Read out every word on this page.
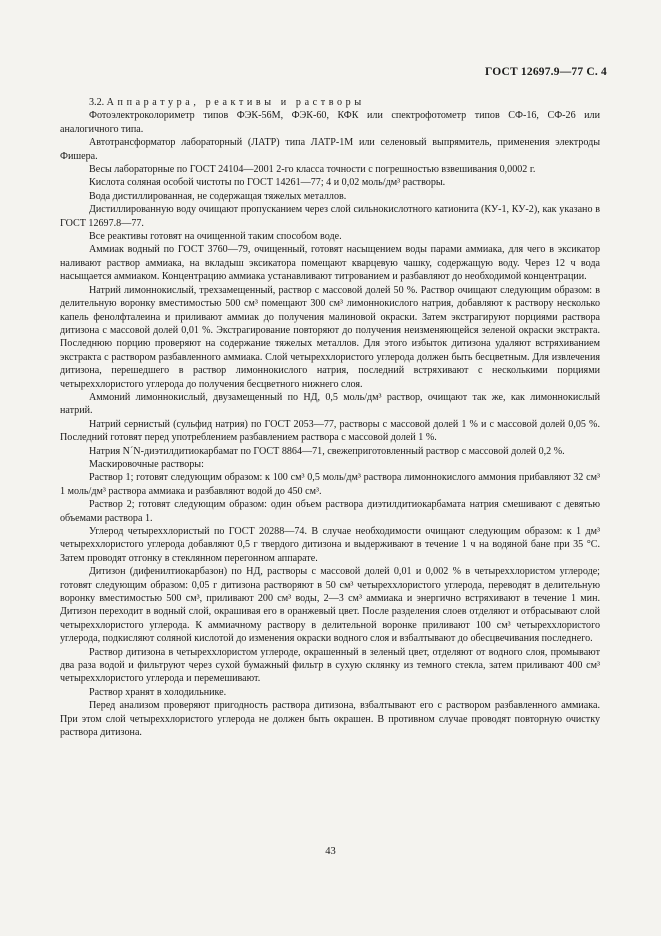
ГОСТ 12697.9—77 С. 4

3.2. Аппаратура, реактивы и растворы

Фотоэлектроколориметр типов ФЭК-56М, ФЭК-60, КФК или спектрофотометр типов СФ-16, СФ-26 или аналогичного типа.

Автотрансформатор лабораторный (ЛАТР) типа ЛАТР-1М или селеновый выпрямитель, применения электроды Фишера.

Весы лабораторные по ГОСТ 24104—2001 2-го класса точности с погрешностью взвешивания 0,0002 г.

Кислота соляная особой чистоты по ГОСТ 14261—77; 4 и 0,02 моль/дм³ растворы.

Вода дистиллированная, не содержащая тяжелых металлов.

Дистиллированную воду очищают пропусканием через слой сильнокислотного катионита (КУ-1, КУ-2), как указано в ГОСТ 12697.8—77.

Все реактивы готовят на очищенной таким способом воде.

Аммиак водный по ГОСТ 3760—79, очищенный, готовят насыщением воды парами аммиака, для чего в эксикатор наливают раствор аммиака, на вкладыш эксикатора помещают кварцевую чашку, содержащую воду. Через 12 ч вода насыщается аммиаком. Концентрацию аммиака устанавливают титрованием и разбавляют до необходимой концентрации.

Натрий лимоннокислый, трехзамещенный, раствор с массовой долей 50 %. Раствор очищают следующим образом: в делительную воронку вместимостью 500 см³ помещают 300 см³ лимоннокислого натрия, добавляют к раствору несколько капель фенолфталеина и приливают аммиак до получения малиновой окраски. Затем экстрагируют порциями раствора дитизона с массовой долей 0,01 %. Экстрагирование повторяют до получения неизменяющейся зеленой окраски экстракта. Последнюю порцию проверяют на содержание тяжелых металлов. Для этого избыток дитизона удаляют встряхиванием экстракта с раствором разбавленного аммиака. Слой четыреххлористого углерода должен быть бесцветным. Для извлечения дитизона, перешедшего в раствор лимоннокислого натрия, последний встряхивают с несколькими порциями четыреххлористого углерода до получения бесцветного нижнего слоя.

Аммоний лимоннокислый, двузамещенный по НД, 0,5 моль/дм³ раствор, очищают так же, как лимоннокислый натрий.

Натрий сернистый (сульфид натрия) по ГОСТ 2053—77, растворы с массовой долей 1 % и с массовой долей 0,05 %. Последний готовят перед употреблением разбавлением раствора с массовой долей 1 %.

Натрия N´N-диэтилдитиокарбамат по ГОСТ 8864—71, свежеприготовленный раствор с массовой долей 0,2 %.

Маскировочные растворы:

Раствор 1; готовят следующим образом: к 100 см³ 0,5 моль/дм³ раствора лимоннокислого аммония прибавляют 32 см³ 1 моль/дм³ раствора аммиака и разбавляют водой до 450 см³.

Раствор 2; готовят следующим образом: один объем раствора диэтилдитиокарбамата натрия смешивают с девятью объемами раствора 1.

Углерод четыреххлористый по ГОСТ 20288—74. В случае необходимости очищают следующим образом: к 1 дм³ четыреххлористого углерода добавляют 0,5 г твердого дитизона и выдерживают в течение 1 ч на водяной бане при 35 °С. Затем проводят отгонку в стеклянном перегонном аппарате.

Дитизон (дифенилтиокарбазон) по НД, растворы с массовой долей 0,01 и 0,002 % в четыреххлористом углероде; готовят следующим образом: 0,05 г дитизона растворяют в 50 см³ четыреххлористого углерода, переводят в делительную воронку вместимостью 500 см³, приливают 200 см³ воды, 2—3 см³ аммиака и энергично встряхивают в течение 1 мин. Дитизон переходит в водный слой, окрашивая его в оранжевый цвет. После разделения слоев отделяют и отбрасывают слой четыреххлористого углерода. К аммиачному раствору в делительной воронке приливают 100 см³ четыреххлористого углерода, подкисляют соляной кислотой до изменения окраски водного слоя и взбалтывают до обесцвечивания последнего.

Раствор дитизона в четыреххлористом углероде, окрашенный в зеленый цвет, отделяют от водного слоя, промывают два раза водой и фильтруют через сухой бумажный фильтр в сухую склянку из темного стекла, затем приливают 400 см³ четыреххлористого углерода и перемешивают.

Раствор хранят в холодильнике.

Перед анализом проверяют пригодность раствора дитизона, взбалтывают его с раствором разбавленного аммиака. При этом слой четыреххлористого углерода не должен быть окрашен. В противном случае проводят повторную очистку раствора дитизона.

43
